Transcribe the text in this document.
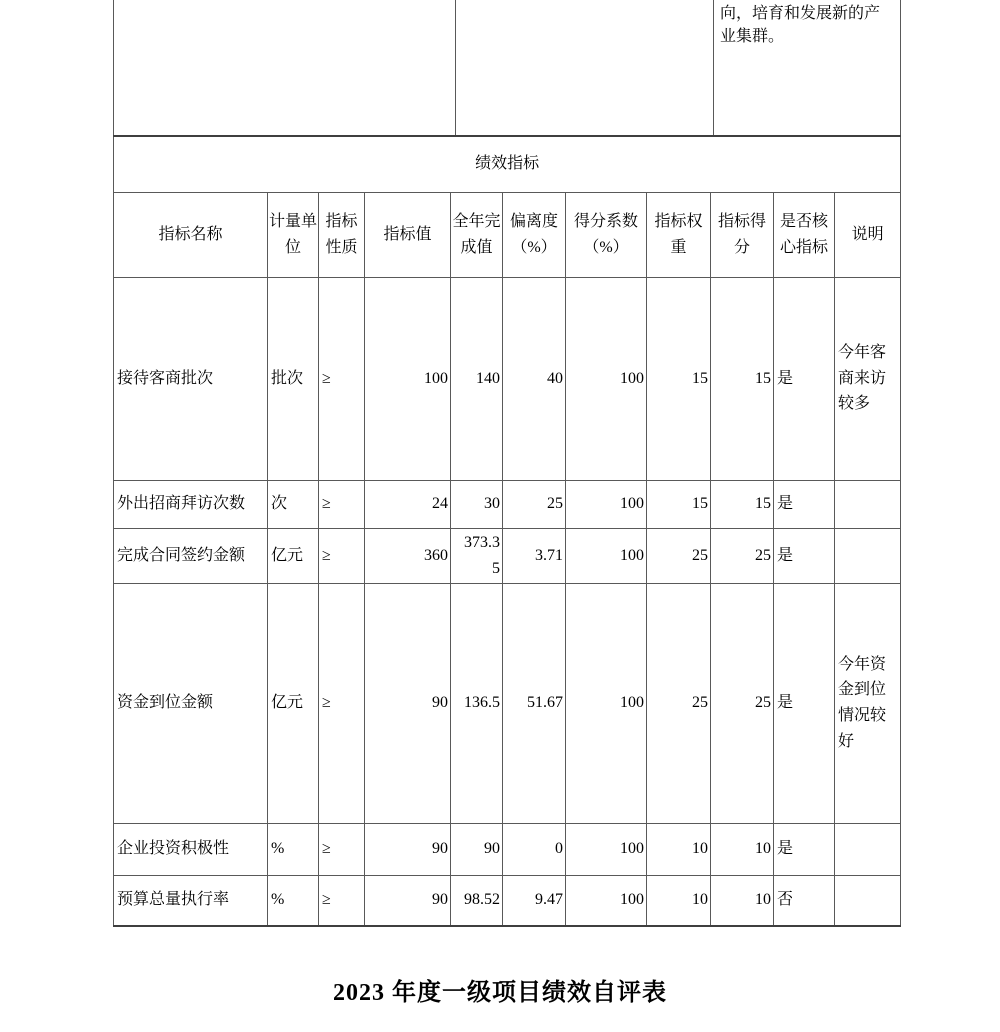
		向，培育和发展新的产业集群。
绩效指标										
指标名称	计量单位	指标性质	指标值	全年完成值	偏离度（%）	得分系数（%）	指标权重	指标得分	是否核心指标	说明
接待客商批次	批次	≥	100	140	40	100	15	15	是	今年客商来访较多
外出招商拜访次数	次	≥	24	30	25	100	15	15	是	
完成合同签约金额	亿元	≥	360	373.35	3.71	100	25	25	是	
资金到位金额	亿元	≥	90	136.5	51.67	100	25	25	是	今年资金到位情况较好
企业投资积极性	%	≥	90	90	0	100	10	10	是	
预算总量执行率	%	≥	90	98.52	9.47	100	10	10	否	
2023 年度一级项目绩效自评表
